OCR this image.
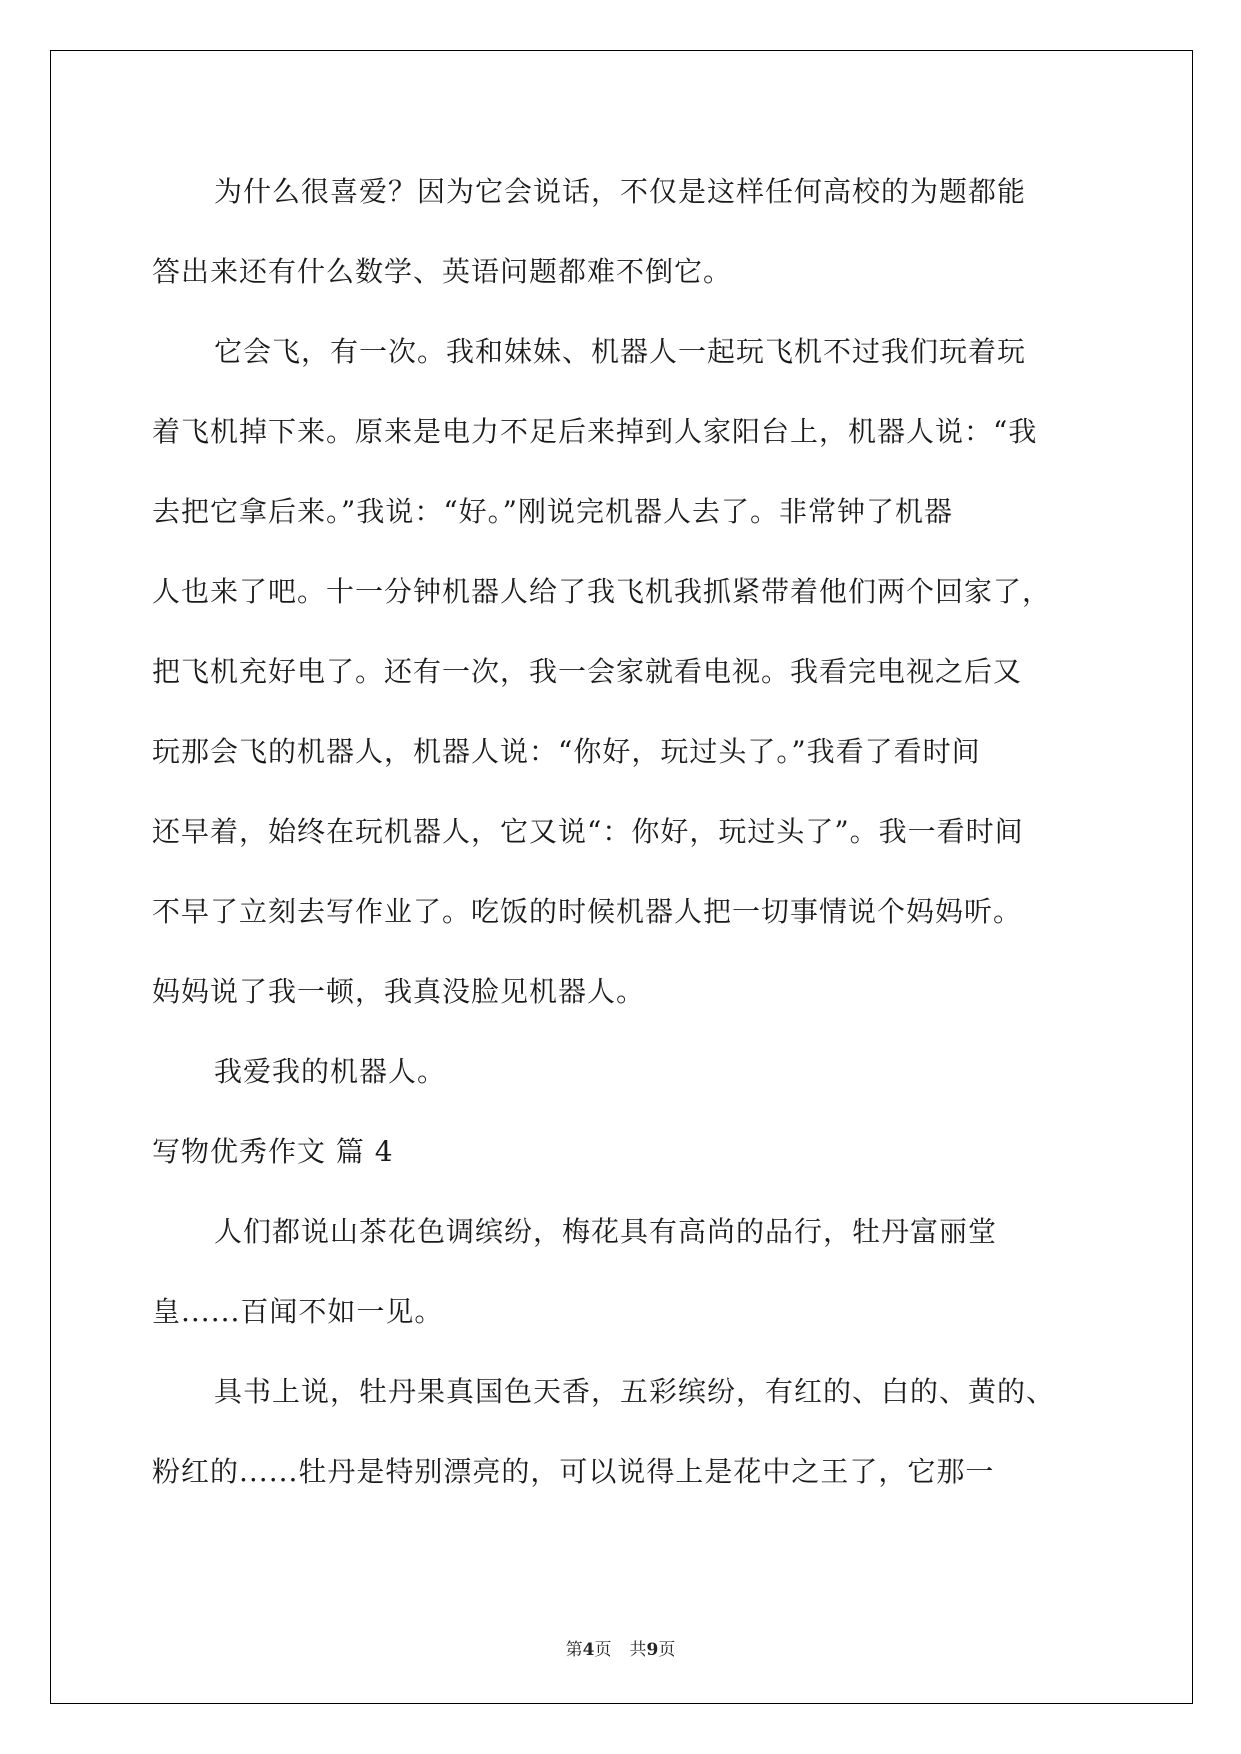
为什么很喜爱？因为它会说话，不仅是这样任何高校的为题都能
答出来还有什么数学、英语问题都难不倒它。
它会飞，有一次。我和妹妹、机器人一起玩飞机不过我们玩着玩
着飞机掉下来。原来是电力不足后来掉到人家阳台上，机器人说：“我
去把它拿后来。”我说：“好。”刚说完机器人去了。非常钟了机器
人也来了吧。十一分钟机器人给了我飞机我抓紧带着他们两个回家了，
把飞机充好电了。还有一次，我一会家就看电视。我看完电视之后又
玩那会飞的机器人，机器人说：“你好，玩过头了。”我看了看时间
还早着，始终在玩机器人，它又说“：你好，玩过头了”。我一看时间
不早了立刻去写作业了。吃饭的时候机器人把一切事情说个妈妈听。
妈妈说了我一顿，我真没脸见机器人。
我爱我的机器人。
写物优秀作文 篇 4
人们都说山茶花色调缤纷，梅花具有高尚的品行，牡丹富丽堂
皇......百闻不如一见。
具书上说，牡丹果真国色天香，五彩缤纷，有红的、白的、黄的、
粉红的......牡丹是特别漂亮的，可以说得上是花中之王了，它那一
第4页 共9页
